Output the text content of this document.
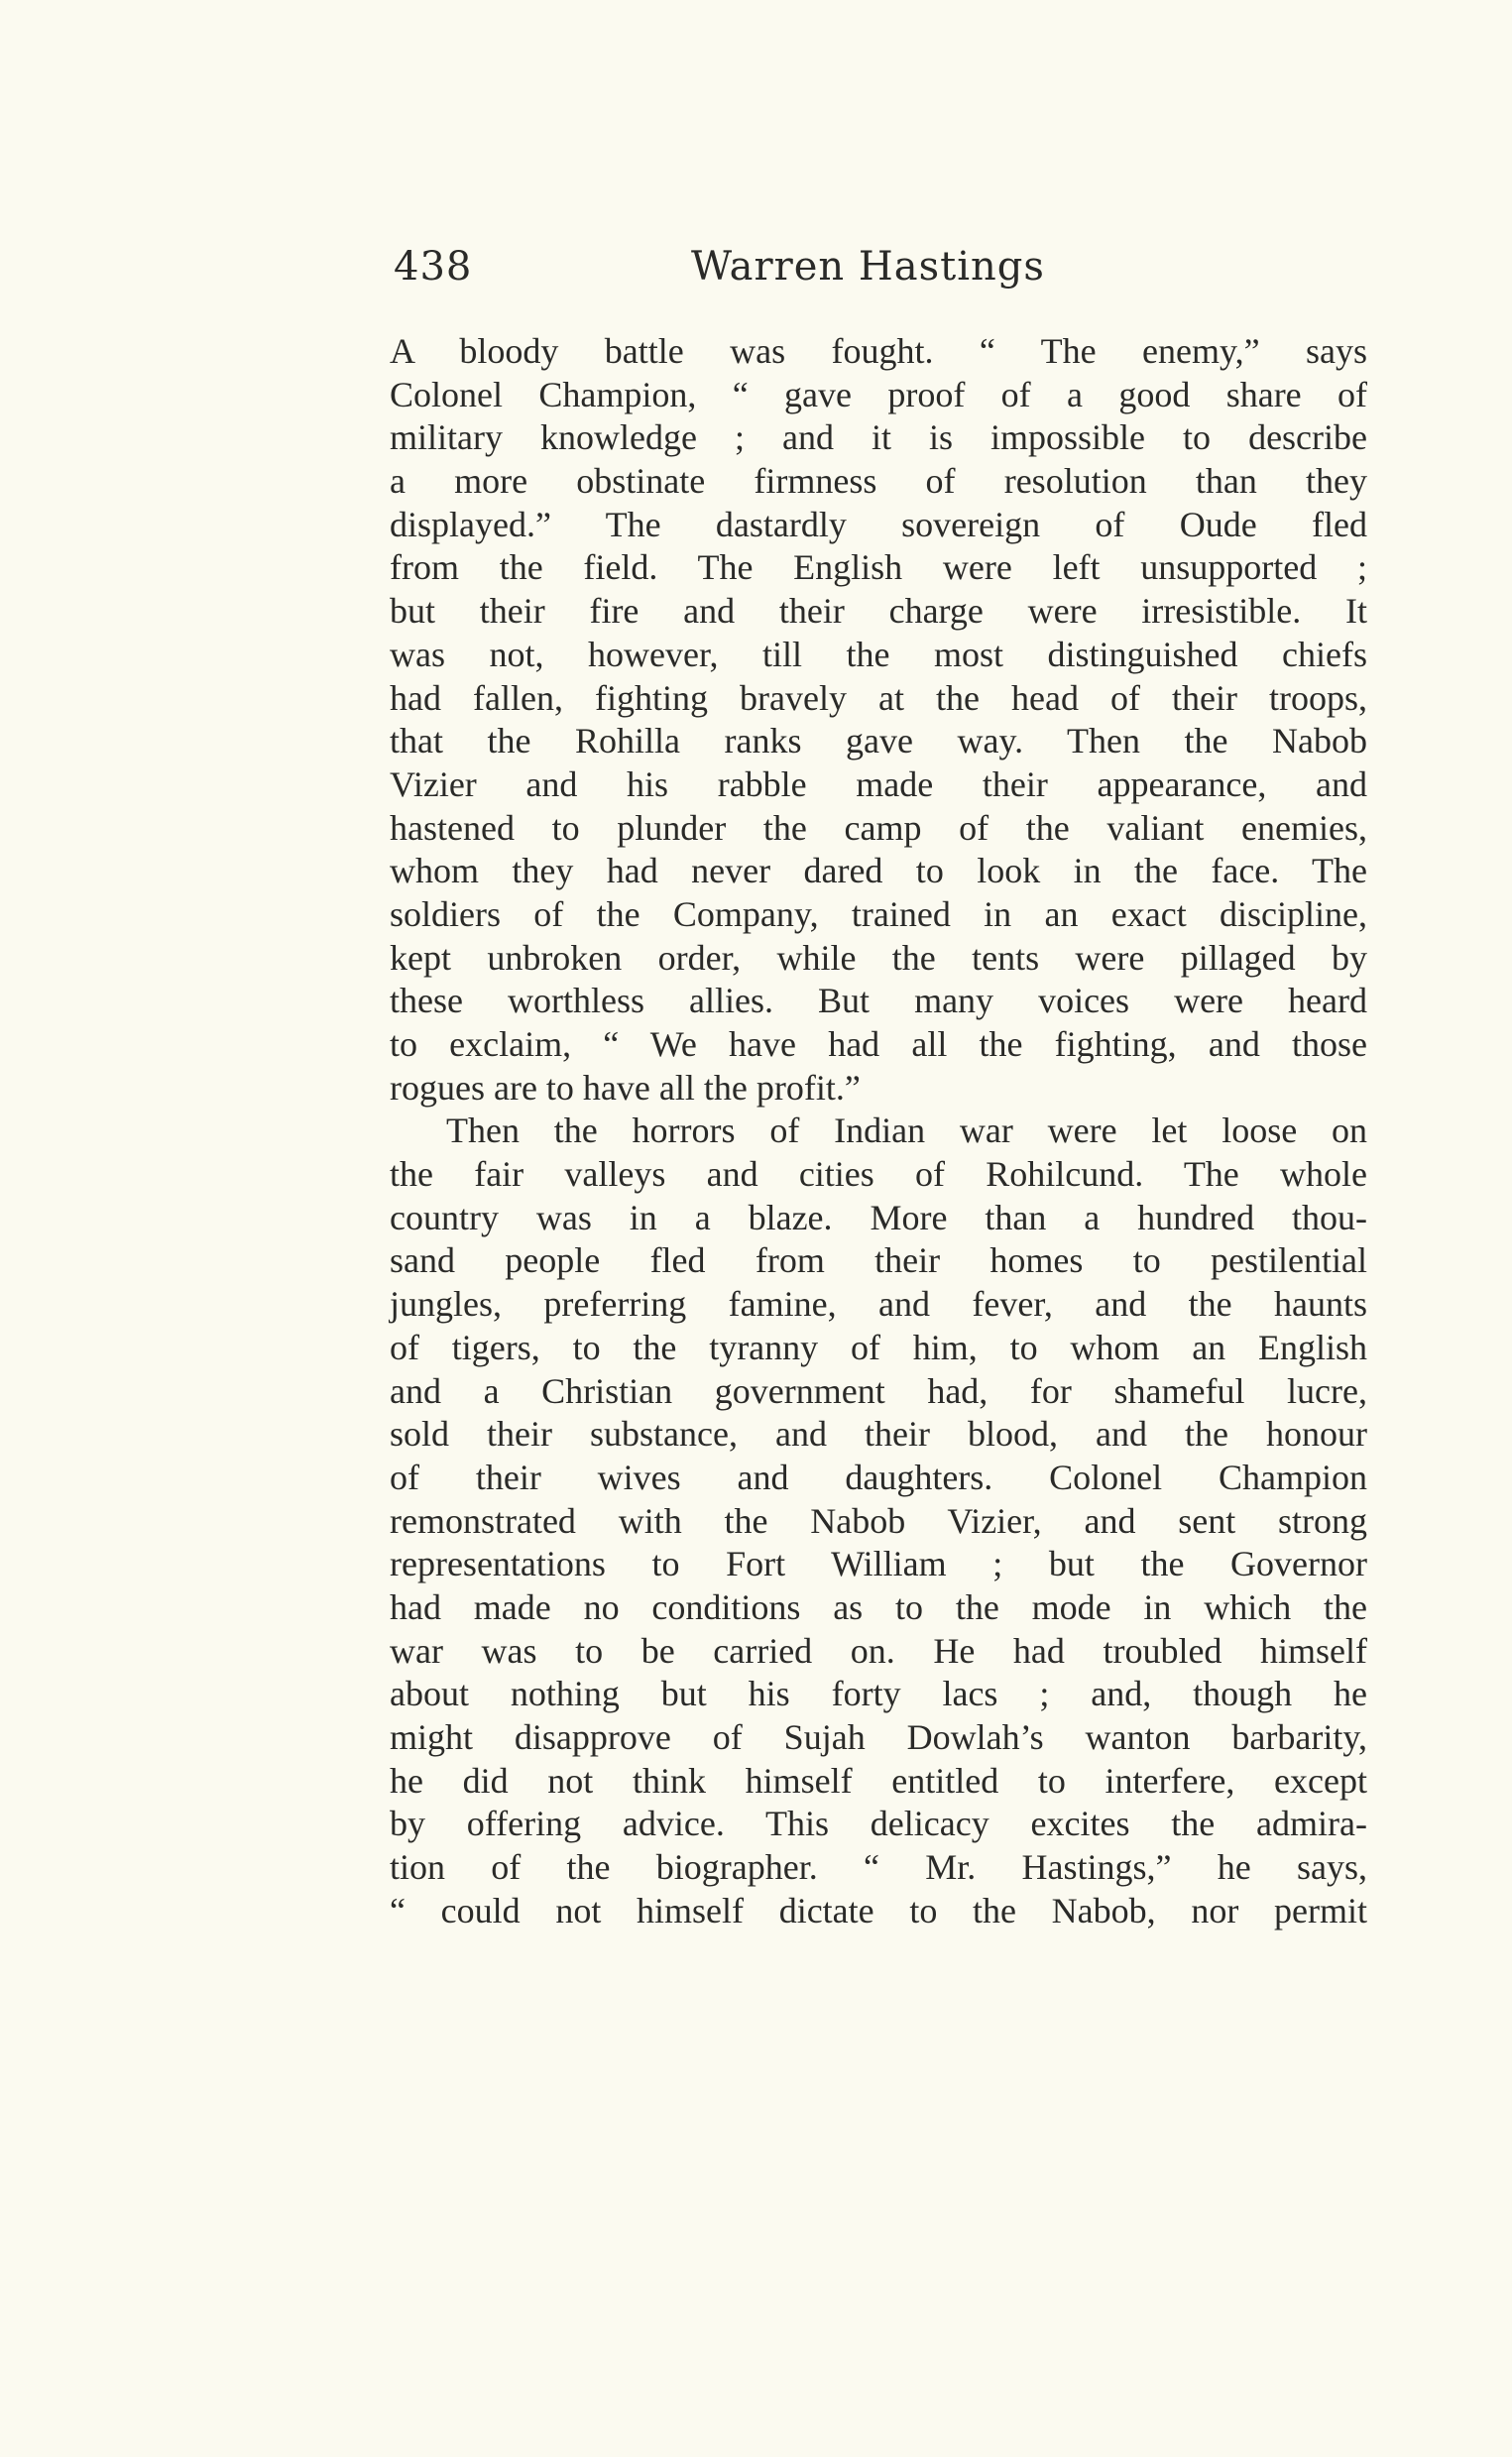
438	Warren Hastings
A bloody battle was fought. “ The enemy,” says
Colonel Champion, “ gave proof of a good share of
military knowledge ; and it is impossible to describe
a more obstinate firmness of resolution than they
displayed.” The dastardly sovereign of Oude fled
from the field. The English were left unsupported ;
but their fire and their charge were irresistible. It
was not, however, till the most distinguished chiefs
had fallen, fighting bravely at the head of their troops,
that the Rohilla ranks gave way. Then the Nabob
Vizier and his rabble made their appearance, and
hastened to plunder the camp of the valiant enemies,
whom they had never dared to look in the face. The
soldiers of the Company, trained in an exact discipline,
kept unbroken order, while the tents were pillaged by
these worthless allies. But many voices were heard
to exclaim, “ We have had all the fighting, and those
rogues are to have all the profit.”
Then the horrors of Indian war were let loose on
the fair valleys and cities of Rohilcund. The whole
country was in a blaze. More than a hundred thou-
sand people fled from their homes to pestilential
jungles, preferring famine, and fever, and the haunts
of tigers, to the tyranny of him, to whom an English
and a Christian government had, for shameful lucre,
sold their substance, and their blood, and the honour
of their wives and daughters. Colonel Champion
remonstrated with the Nabob Vizier, and sent strong
representations to Fort William ; but the Governor
had made no conditions as to the mode in which the
war was to be carried on. He had troubled himself
about nothing but his forty lacs ; and, though he
might disapprove of Sujah Dowlah’s wanton barbarity,
he did not think himself entitled to interfere, except
by offering advice. This delicacy excites the admira-
tion of the biographer. “ Mr. Hastings,” he says,
“ could not himself dictate to the Nabob, nor permit
